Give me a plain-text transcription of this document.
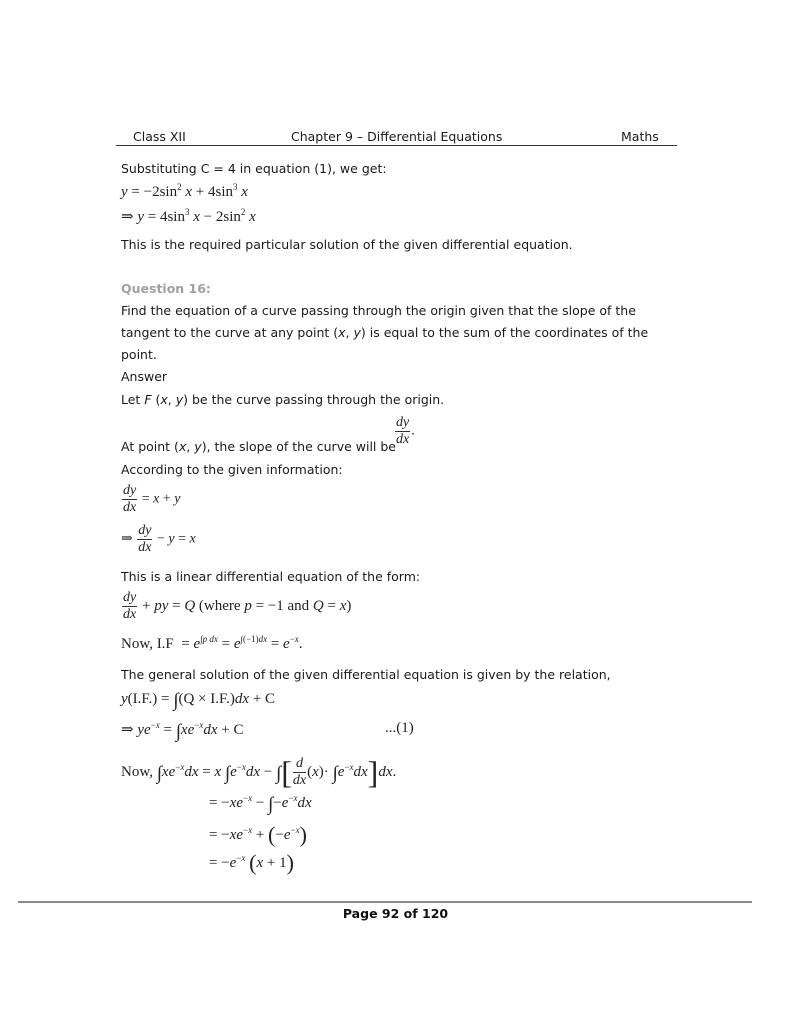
Class XII	Chapter 9 – Differential Equations	Maths
Substituting C = 4 in equation (1), we get:
$y = -2\sin^2$ $x + 4\sin^3$ x
⇒ $y = 4\sin^3$ $x - 2\sin^2$ x
This is the required particular solution of the given differential equation.
Question 16:
Find the equation of a curve passing through the origin given that the slope of the
tangent to the curve at any point (x, y) is equal to the sum of the coordinates of the
point.
Answer
Let F (x, y) be the curve passing through the origin.
At point (x, y), the slope of the curve will be $\frac{dy}{dx}$ .
According to the given information:
$\frac{dy}{dx} = x + y$
⇒ $\frac{dy}{dx} - y = x$
This is a linear differential equation of the form:
$\frac{dy}{dx}$ + py = Q (where p = −1 and Q = x)
Now, $I.F = e^{\int p dx} = e^{\int(-1)dx} = e^{-x}$.
The general solution of the given differential equation is given by the relation,
y(I.F.) = ∫(Q × I.F.)dx + C
⇒ $ye^{-x} = \int xe^{-x}dx + C$	...(1)
Now, $\int xe^{-x}dx = x$ $\int e^{-x}dx$ − ∫[ $\frac{d}{dx} (x)\cdot \int e^{-x}dx]dx$.
= $-xe^{-x} - \int-e^{-x}dx$
= $-xe^{-x} + (-e^{-x})$
= $-e^{-x}$ (x + 1)
Page 92 of 120
